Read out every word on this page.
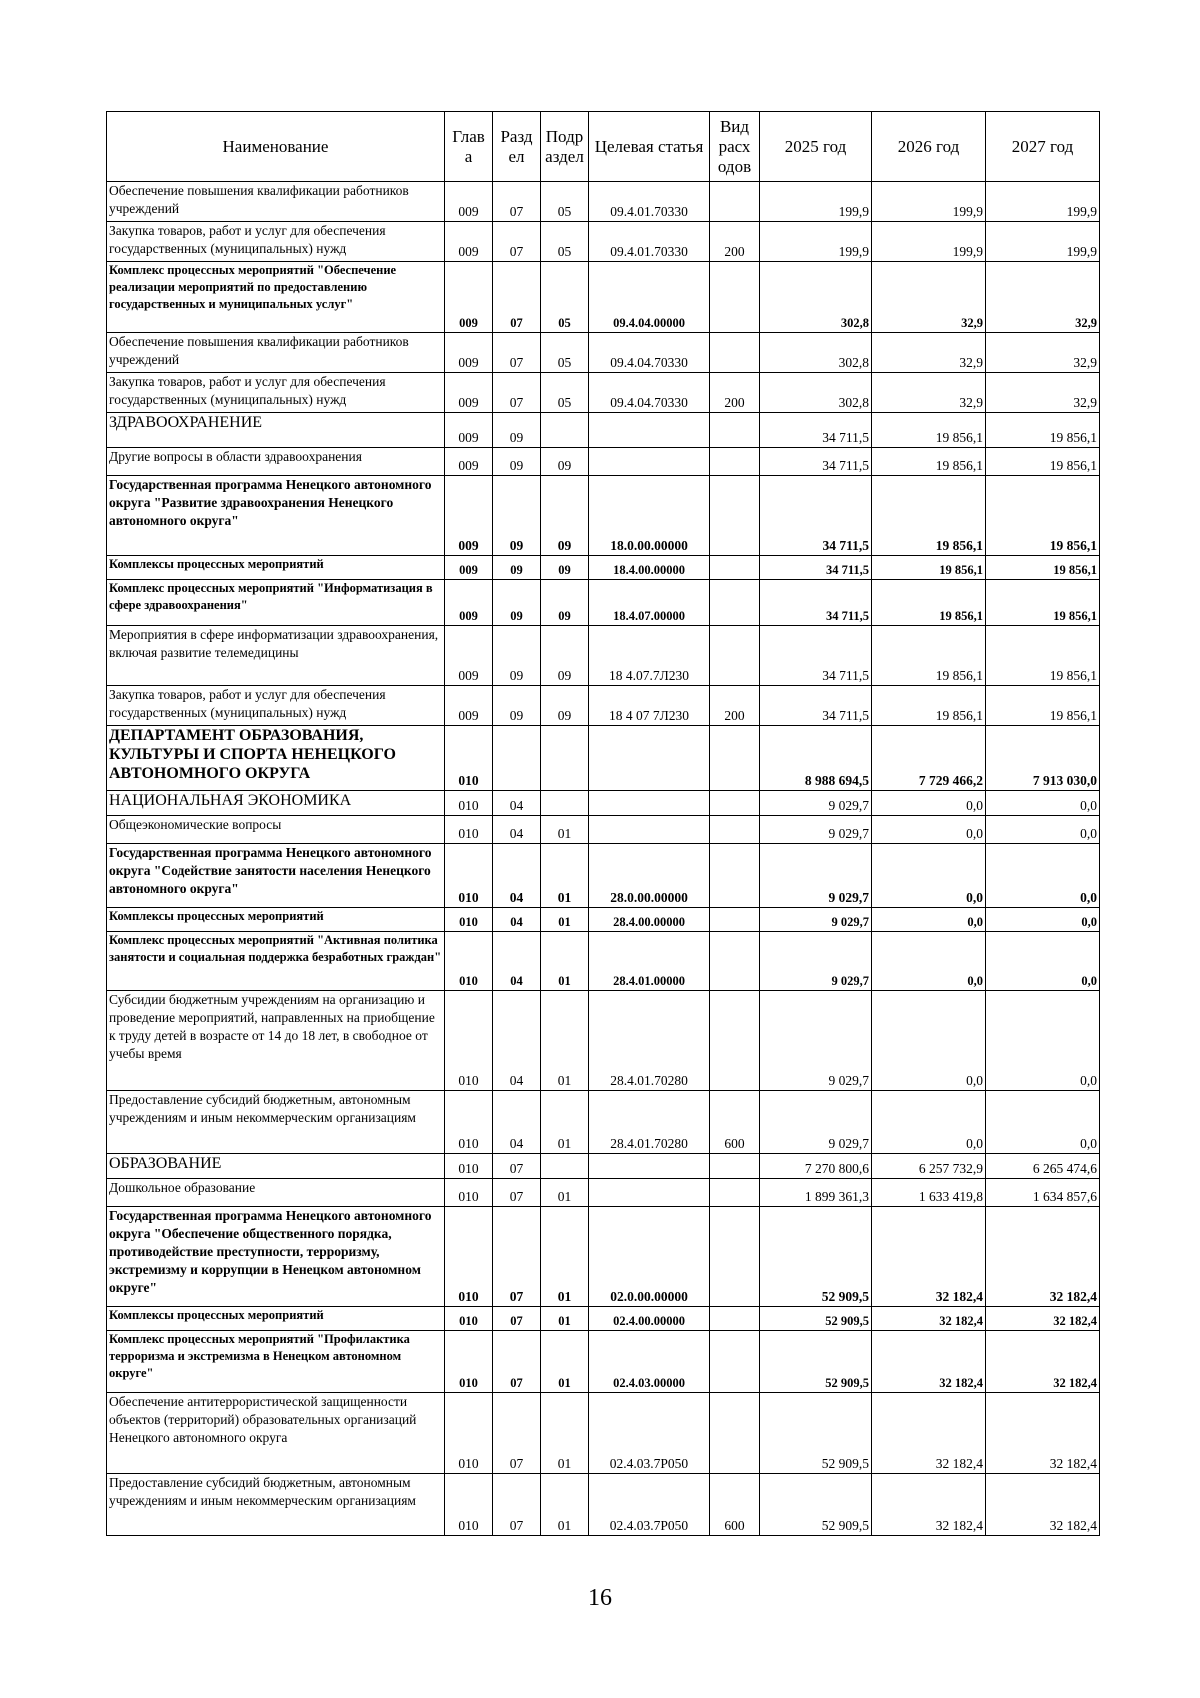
Наименование	Глав а	Разд ел	Подр аздел	Целевая статья	Вид расх одов	2025 год	2026 год	2027 год
Обеспечение повышения квалификации работников учреждений	009	07	05	09.4.01.70330		199,9	199,9	199,9
Закупка товаров, работ и услуг для обеспечения государственных (муниципальных) нужд	009	07	05	09.4.01.70330	200	199,9	199,9	199,9
Комплекс процессных мероприятий "Обеспечение реализации мероприятий по предоставлению государственных и муниципальных услуг"	009	07	05	09.4.04.00000		302,8	32,9	32,9
Обеспечение повышения квалификации работников учреждений	009	07	05	09.4.04.70330		302,8	32,9	32,9
Закупка товаров, работ и услуг для обеспечения государственных (муниципальных) нужд	009	07	05	09.4.04.70330	200	302,8	32,9	32,9
ЗДРАВООХРАНЕНИЕ	009	09				34 711,5	19 856,1	19 856,1
Другие вопросы в области здравоохранения	009	09	09			34 711,5	19 856,1	19 856,1
Государственная программа Ненецкого автономного округа "Развитие здравоохранения Ненецкого автономного округа"	009	09	09	18.0.00.00000		34 711,5	19 856,1	19 856,1
Комплексы процессных мероприятий	009	09	09	18.4.00.00000		34 711,5	19 856,1	19 856,1
Комплекс процессных мероприятий "Информатизация в сфере здравоохранения"	009	09	09	18.4.07.00000		34 711,5	19 856,1	19 856,1
Мероприятия в сфере информатизации здравоохранения, включая развитие телемедицины	009	09	09	18 4.07.7Л230		34 711,5	19 856,1	19 856,1
Закупка товаров, работ и услуг для обеспечения государственных (муниципальных) нужд	009	09	09	18 4 07 7Л230	200	34 711,5	19 856,1	19 856,1
ДЕПАРТАМЕНТ ОБРАЗОВАНИЯ, КУЛЬТУРЫ И СПОРТА НЕНЕЦКОГО АВТОНОМНОГО ОКРУГА	010					8 988 694,5	7 729 466,2	7 913 030,0
НАЦИОНАЛЬНАЯ ЭКОНОМИКА	010	04				9 029,7	0,0	0,0
Общеэкономические вопросы	010	04	01			9 029,7	0,0	0,0
Государственная программа Ненецкого автономного округа "Содействие занятости населения Ненецкого автономного округа"	010	04	01	28.0.00.00000		9 029,7	0,0	0,0
Комплексы процессных мероприятий	010	04	01	28.4.00.00000		9 029,7	0,0	0,0
Комплекс процессных мероприятий "Активная политика занятости и социальная поддержка безработных граждан"	010	04	01	28.4.01.00000		9 029,7	0,0	0,0
Субсидии бюджетным учреждениям на организацию и проведение мероприятий, направленных на приобщение к труду детей в возрасте от 14 до 18 лет, в свободное от учебы время	010	04	01	28.4.01.70280		9 029,7	0,0	0,0
Предоставление субсидий бюджетным, автономным учреждениям и иным некоммерческим организациям	010	04	01	28.4.01.70280	600	9 029,7	0,0	0,0
ОБРАЗОВАНИЕ	010	07				7 270 800,6	6 257 732,9	6 265 474,6
Дошкольное образование	010	07	01			1 899 361,3	1 633 419,8	1 634 857,6
Государственная программа Ненецкого автономного округа "Обеспечение общественного порядка, противодействие преступности, терроризму, экстремизму и коррупции в Ненецком автономном округе"	010	07	01	02.0.00.00000		52 909,5	32 182,4	32 182,4
Комплексы процессных мероприятий	010	07	01	02.4.00.00000		52 909,5	32 182,4	32 182,4
Комплекс процессных мероприятий "Профилактика терроризма и экстремизма в Ненецком автономном округе"	010	07	01	02.4.03.00000		52 909,5	32 182,4	32 182,4
Обеспечение антитеррористической защищенности объектов (территорий) образовательных организаций Ненецкого автономного округа	010	07	01	02.4.03.7Р050		52 909,5	32 182,4	32 182,4
Предоставление субсидий бюджетным, автономным учреждениям и иным некоммерческим организациям	010	07	01	02.4.03.7Р050	600	52 909,5	32 182,4	32 182,4
16
